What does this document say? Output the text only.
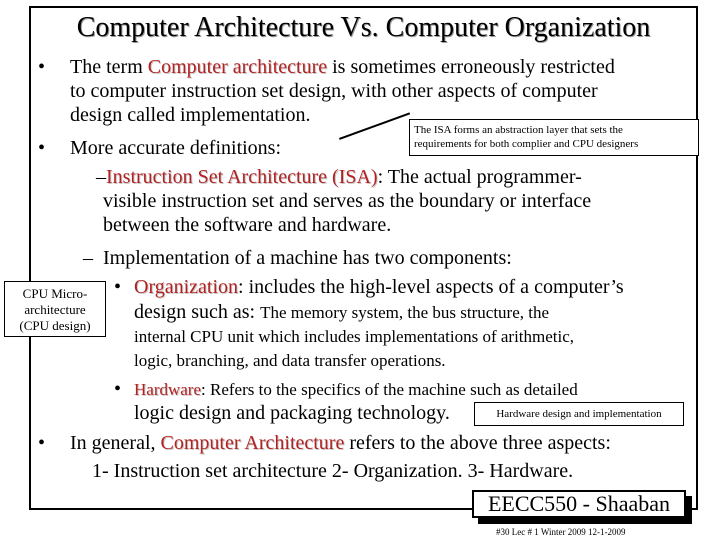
Computer Architecture Vs. Computer Organization
• The term Computer architecture is sometimes erroneously restricted
to computer instruction set design, with other aspects of computer
design called implementation.
• More accurate definitions:
The ISA forms an abstraction layer that sets the
requirements for both complier and CPU designers
– Instruction Set Architecture (ISA): The actual programmer-
visible instruction set and serves as the boundary or interface
between the software and hardware.
– Implementation of a machine has two components:
CPU Micro-
architecture
(CPU design)
• Organization: includes the high-level aspects of a computer’s
design such as: The memory system, the bus structure, the
internal CPU unit which includes implementations of arithmetic,
logic, branching, and data transfer operations.
• Hardware: Refers to the specifics of the machine such as detailed
logic design and packaging technology.	Hardware design and implementation
• In general, Computer Architecture refers to the above three aspects:
1- Instruction set architecture 2- Organization. 3- Hardware.
EECC550 - Shaaban
#30 Lec # 1 Winter 2009 12-1-2009
